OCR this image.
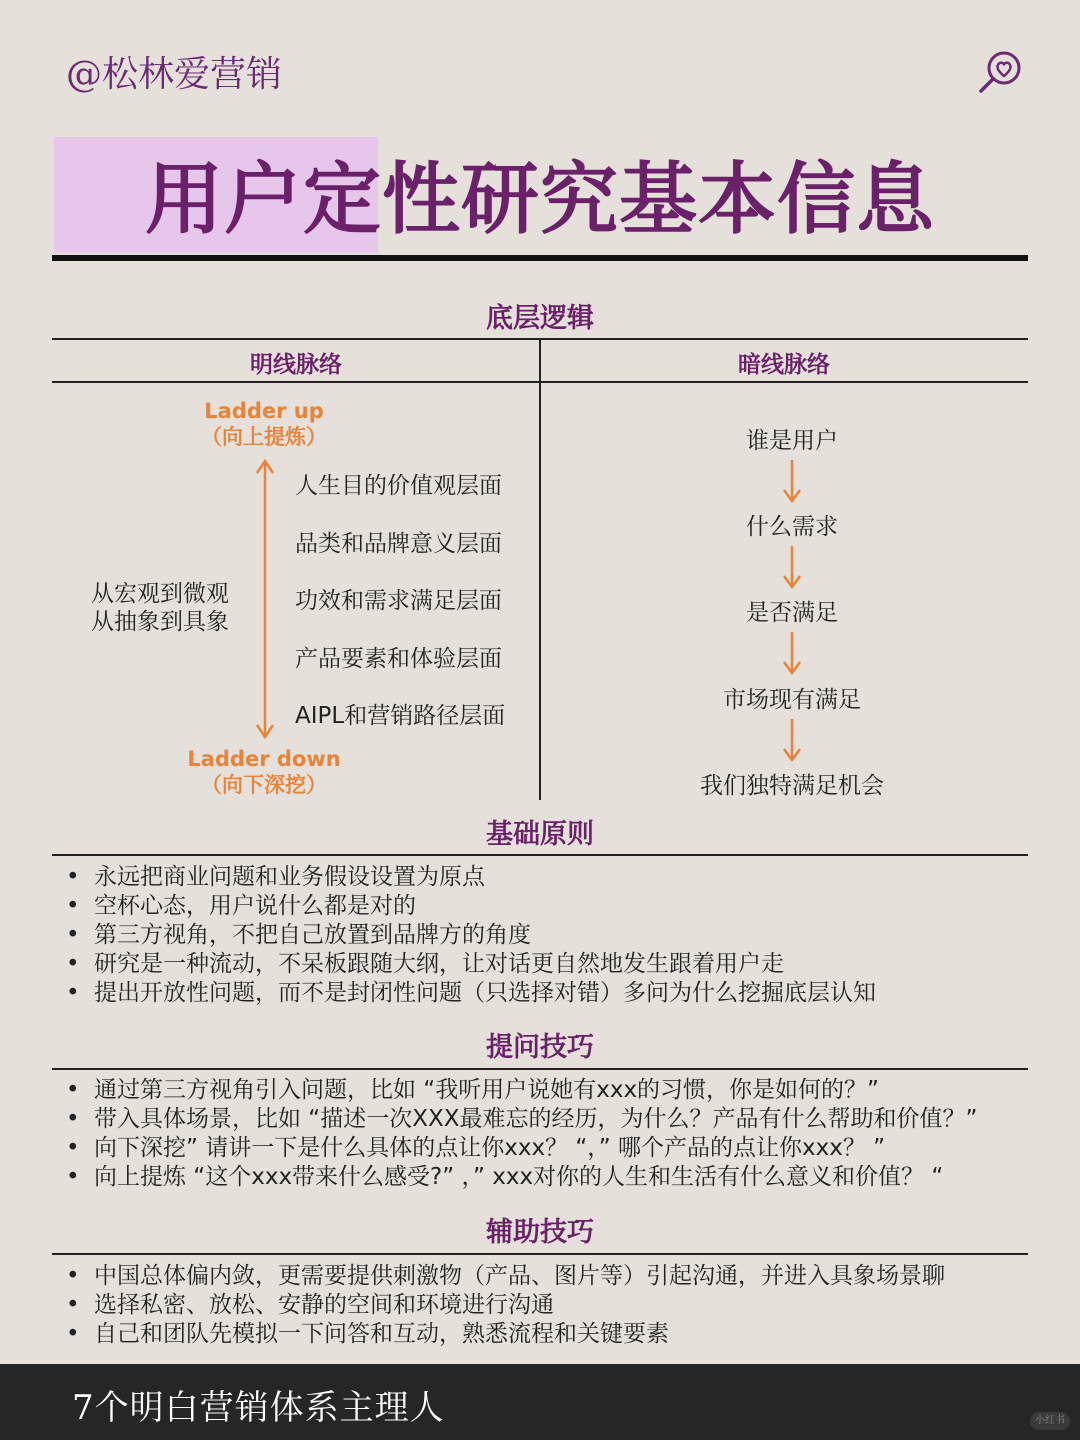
@松林爱营销
用户定性研究基本信息
底层逻辑
明线脉络	暗线脉络
Ladder up
（向上提炼）
Ladder down
（向下深挖）
从宏观到微观
从抽象到具象
人生目的价值观层面
品类和品牌意义层面
功效和需求满足层面
产品要素和体验层面
AIPL和营销路径层面
谁是用户
什么需求
是否满足
市场现有满足
我们独特满足机会
基础原则
• 永远把商业问题和业务假设设置为原点
• 空杯心态，用户说什么都是对的
• 第三方视角，不把自己放置到品牌方的角度
• 研究是一种流动，不呆板跟随大纲，让对话更自然地发生跟着用户走
• 提出开放性问题，而不是封闭性问题（只选择对错）多问为什么挖掘底层认知
提问技巧
• 通过第三方视角引入问题，比如 “我听用户说她有xxx的习惯，你是如何的？”
• 带入具体场景，比如 “描述一次XXX最难忘的经历，为什么？产品有什么帮助和价值？”
• 向下深挖” 请讲一下是什么具体的点让你xxx？ “，” 哪个产品的点让你xxx？ ”
• 向上提炼 “这个xxx带来什么感受?” ，” xxx对你的人生和生活有什么意义和价值？ “
辅助技巧
• 中国总体偏内敛，更需要提供刺激物（产品、图片等）引起沟通，并进入具象场景聊
• 选择私密、放松、安静的空间和环境进行沟通
• 自己和团队先模拟一下问答和互动，熟悉流程和关键要素
7个明白营销体系主理人	小红书
